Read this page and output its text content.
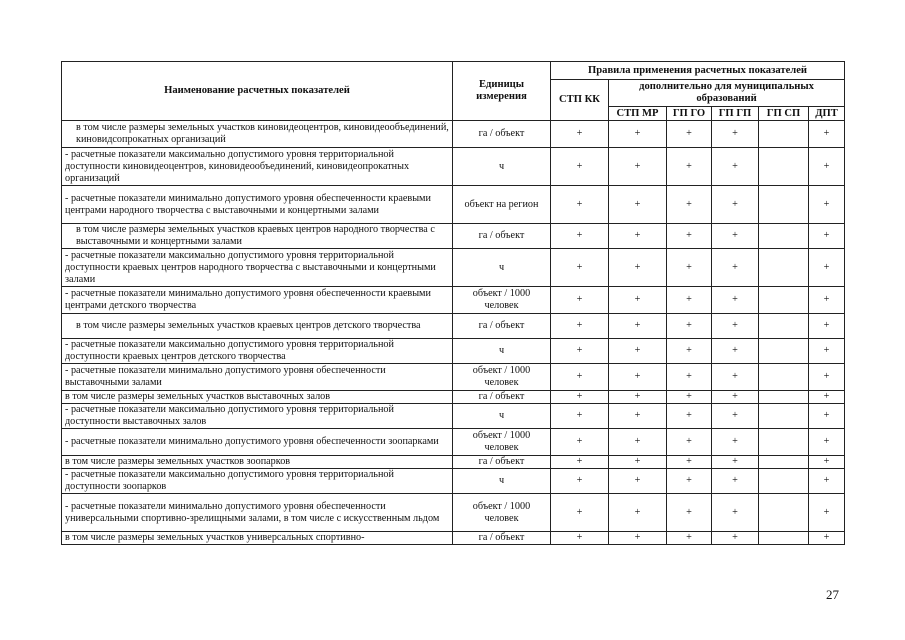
Наименование расчетных показателей	Единицы измерения	Правила применения расчетных показателей					
		СТП КК	дополнительно для муниципальных образований				
			СТП МР	ГП ГО	ГП ГП	ГП СП	ДПТ
в том числе размеры земельных участков киновидеоцентров, киновидеообъединений, киновидсопрокатных организаций	га / объект	+	+	+	+		+
- расчетные показатели максимально допустимого уровня территориальной доступности киновидеоцентров, киновидеообъединений, киновидеопрокатных организаций	ч	+	+	+	+		+
- расчетные показатели минимально допустимого уровня обеспеченности краевыми центрами народного творчества с выставочными и концертными залами	объект на регион	+	+	+	+		+
в том числе размеры земельных участков краевых центров народного творчества с выставочными и концертными залами	га / объект	+	+	+	+		+
- расчетные показатели максимально допустимого уровня территориальной доступности краевых центров народного творчества с выставочными и концертными залами	ч	+	+	+	+		+
- расчетные показатели минимально допустимого уровня обеспеченности краевыми центрами детского творчества	объект / 1000 человек	+	+	+	+		+
в том числе размеры земельных участков краевых центров детского творчества	га / объект	+	+	+	+		+
- расчетные показатели максимально допустимого уровня территориальной доступности краевых центров детского творчества	ч	+	+	+	+		+
- расчетные показатели минимально допустимого уровня обеспеченности выставочными залами	объект / 1000 человек	+	+	+	+		+
в том числе размеры земельных участков выставочных залов	га / объект	+	+	+	+		+
- расчетные показатели максимально допустимого уровня территориальной доступности выставочных залов	ч	+	+	+	+		+
- расчетные показатели минимально допустимого уровня обеспеченности зоопарками	объект / 1000 человек	+	+	+	+		+
в том числе размеры земельных участков зоопарков	га / объект	+	+	+	+		+
- расчетные показатели максимально допустимого уровня территориальной доступности зоопарков	ч	+	+	+	+		+
- расчетные показатели минимально допустимого уровня обеспеченности универсальными спортивно-зрелищными залами, в том числе с искусственным льдом	объект / 1000 человек	+	+	+	+		+
в том числе размеры земельных участков универсальных спортивно-	га / объект	+	+	+	+		+
27
